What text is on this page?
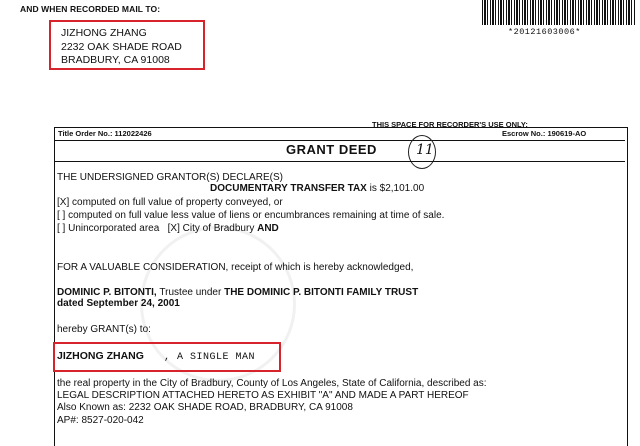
AND WHEN RECORDED MAIL TO:
JIZHONG ZHANG
2232 OAK SHADE ROAD
BRADBURY, CA 91008
*20121603006*
THIS SPACE FOR RECORDER'S USE ONLY:
Title Order No.: 112022426	Escrow No.: 190619-AO
GRANT DEED	11
THE UNDERSIGNED GRANTOR(S) DECLARE(S)
DOCUMENTARY TRANSFER TAX is $2,101.00
[X] computed on full value of property conveyed, or
[ ] computed on full value less value of liens or encumbrances remaining at time of sale.
[ ] Unincorporated area [X] City of Bradbury AND
FOR A VALUABLE CONSIDERATION, receipt of which is hereby acknowledged,
DOMINIC P. BITONTI, Trustee under THE DOMINIC P. BITONTI FAMILY TRUST
dated September 24, 2001
hereby GRANT(s) to:
JIZHONG ZHANG , A SINGLE MAN
the real property in the City of Bradbury, County of Los Angeles, State of California, described as:
LEGAL DESCRIPTION ATTACHED HERETO AS EXHIBIT "A" AND MADE A PART HEREOF
Also Known as: 2232 OAK SHADE ROAD, BRADBURY, CA 91008
AP#: 8527-020-042
